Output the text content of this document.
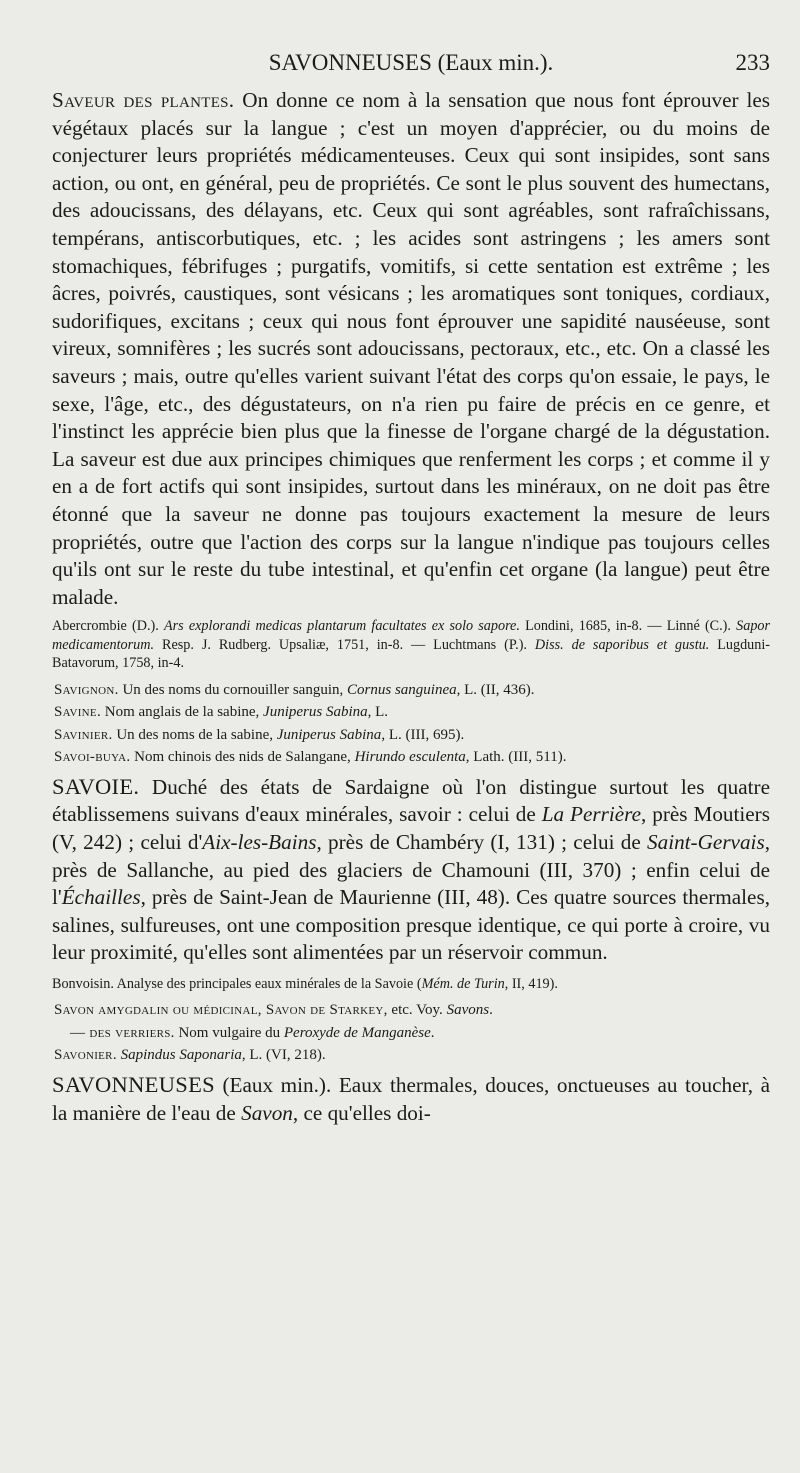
SAVONNEUSES (Eaux min.).	233

Saveur des plantes. On donne ce nom à la sensation que nous font éprouver les végétaux placés sur la langue ; c'est un moyen d'apprécier, ou du moins de conjecturer leurs propriétés médicamenteuses. Ceux qui sont insipides, sont sans action, ou ont, en général, peu de propriétés. Ce sont le plus souvent des humectans, des adoucissans, des délayans, etc. Ceux qui sont agréables, sont rafraîchissans, tempérans, antiscorbutiques, etc. ; les acides sont astringens ; les amers sont stomachiques, fébrifuges ; purgatifs, vomitifs, si cette sentation est extrême ; les âcres, poivrés, caustiques, sont vésicans ; les aromatiques sont toniques, cordiaux, sudorifiques, excitans ; ceux qui nous font éprouver une sapidité nauséeuse, sont vireux, somnifères ; les sucrés sont adoucissans, pectoraux, etc., etc. On a classé les saveurs ; mais, outre qu'elles varient suivant l'état des corps qu'on essaie, le pays, le sexe, l'âge, etc., des dégustateurs, on n'a rien pu faire de précis en ce genre, et l'instinct les apprécie bien plus que la finesse de l'organe chargé de la dégustation. La saveur est due aux principes chimiques que renferment les corps ; et comme il y en a de fort actifs qui sont insipides, surtout dans les minéraux, on ne doit pas être étonné que la saveur ne donne pas toujours exactement la mesure de leurs propriétés, outre que l'action des corps sur la langue n'indique pas toujours celles qu'ils ont sur le reste du tube intestinal, et qu'enfin cet organe (la langue) peut être malade.

Abercrombie (D.). Ars explorandi medicas plantarum facultates ex solo sapore. Londini, 1685, in-8. — Linné (C.). Sapor medicamentorum. Resp. J. Rudberg. Upsaliæ, 1751, in-8. — Luchtmans (P.). Diss. de saporibus et gustu. Lugduni-Batavorum, 1758, in-4.

Savignon. Un des noms du cornouiller sanguin, Cornus sanguinea, L. (II, 436).

Savine. Nom anglais de la sabine, Juniperus Sabina, L.

Savinier. Un des noms de la sabine, Juniperus Sabina, L. (III, 695).

Savoi-buya. Nom chinois des nids de Salangane, Hirundo esculenta, Lath. (III, 511).

SAVOIE. Duché des états de Sardaigne où l'on distingue surtout les quatre établissemens suivans d'eaux minérales, savoir : celui de La Perrière, près Moutiers (V, 242) ; celui d'Aix-les-Bains, près de Chambéry (I, 131) ; celui de Saint-Gervais, près de Sallanche, au pied des glaciers de Chamouni (III, 370) ; enfin celui de l'Échailles, près de Saint-Jean de Maurienne (III, 48). Ces quatre sources thermales, salines, sulfureuses, ont une composition presque identique, ce qui porte à croire, vu leur proximité, qu'elles sont alimentées par un réservoir commun.

Bonvoisin. Analyse des principales eaux minérales de la Savoie (Mém. de Turin, II, 419).

Savon amygdalin ou médicinal, Savon de Starkey, etc. Voy. Savons.

— des verriers. Nom vulgaire du Peroxyde de Manganèse.

Savonier. Sapindus Saponaria, L. (VI, 218).

SAVONNEUSES (Eaux min.). Eaux thermales, douces, onctueuses au toucher, à la manière de l'eau de Savon, ce qu'elles doi-
